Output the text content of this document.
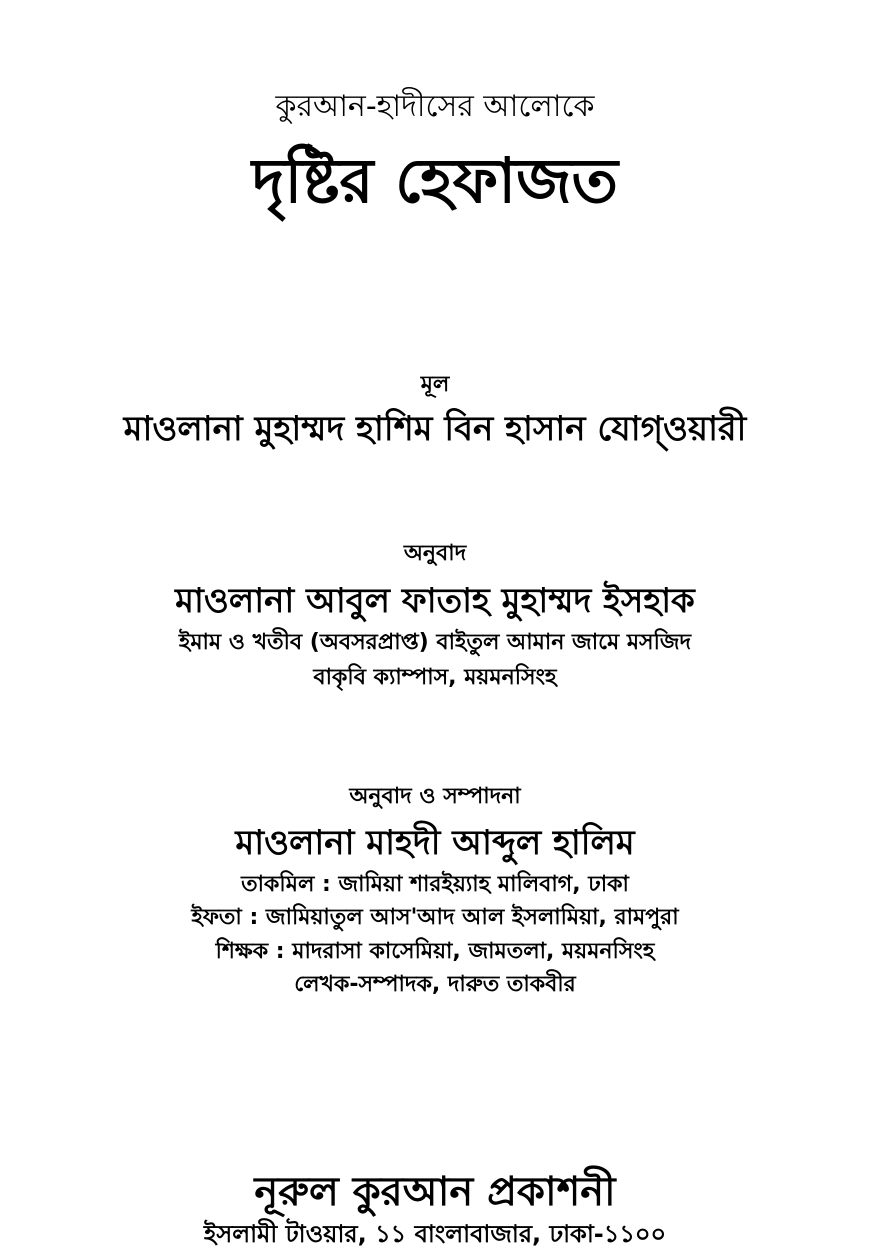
কুরআন-হাদীসের আলোকে
দৃষ্টির হেফাজত
মূল
মাওলানা মুহাম্মদ হাশিম বিন হাসান যোগ্ওয়ারী
অনুবাদ
মাওলানা আবুল ফাতাহ মুহাম্মদ ইসহাক
ইমাম ও খতীব (অবসরপ্রাপ্ত) বাইতুল আমান জামে মসজিদ
বাকৃবি ক্যাম্পাস, ময়মনসিংহ
অনুবাদ ও সম্পাদনা
মাওলানা মাহদী আব্দুল হালিম
তাকমিল : জামিয়া শারইয়্যাহ মালিবাগ, ঢাকা
ইফতা : জামিয়াতুল আস'আদ আল ইসলামিয়া, রামপুরা
শিক্ষক : মাদরাসা কাসেমিয়া, জামতলা, ময়মনসিংহ
লেখক-সম্পাদক, দারুত তাকবীর
নূরুল কুরআন প্রকাশনী
ইসলামী টাওয়ার, ১১ বাংলাবাজার, ঢাকা-১১০০
